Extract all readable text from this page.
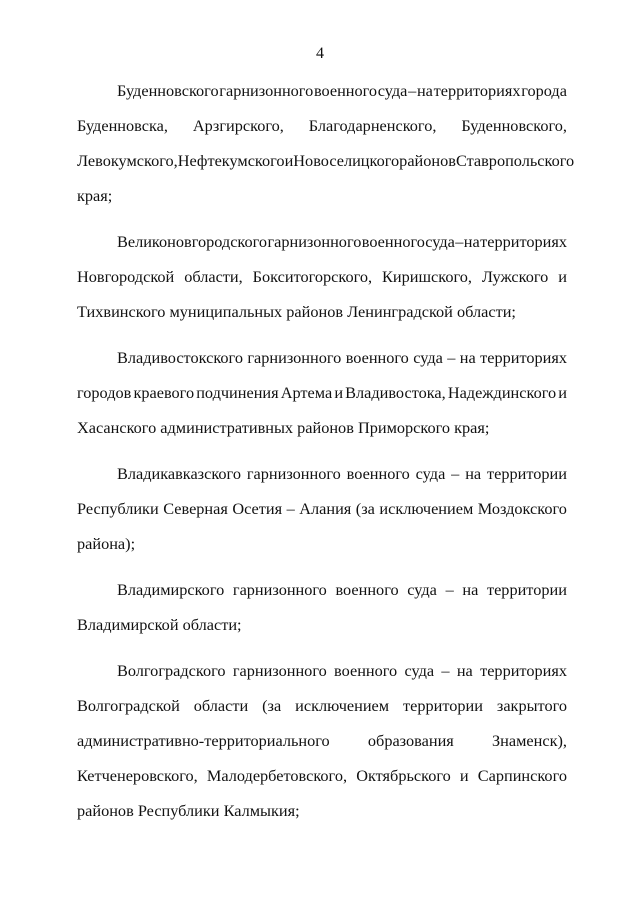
4
Буденновского гарнизонного военного суда – на территориях города
Буденновска, Арзгирского, Благодарненского, Буденновского,
Левокумского, Нефтекумского и Новоселицкого районов Ставропольского
края;
Великоновгородского гарнизонного военного суда – на территориях
Новгородской области, Бокситогорского, Киришского, Лужского и
Тихвинского муниципальных районов Ленинградской области;
Владивостокского гарнизонного военного суда – на территориях
городов краевого подчинения Артема и Владивостока, Надеждинского и
Хасанского административных районов Приморского края;
Владикавказского гарнизонного военного суда – на территории
Республики Северная Осетия – Алания (за исключением Моздокского
района);
Владимирского гарнизонного военного суда – на территории
Владимирской области;
Волгоградского гарнизонного военного суда – на территориях
Волгоградской области (за исключением территории закрытого
административно-территориального образования Знаменск),
Кетченеровского, Малодербетовского, Октябрьского и Сарпинского
районов Республики Калмыкия;
